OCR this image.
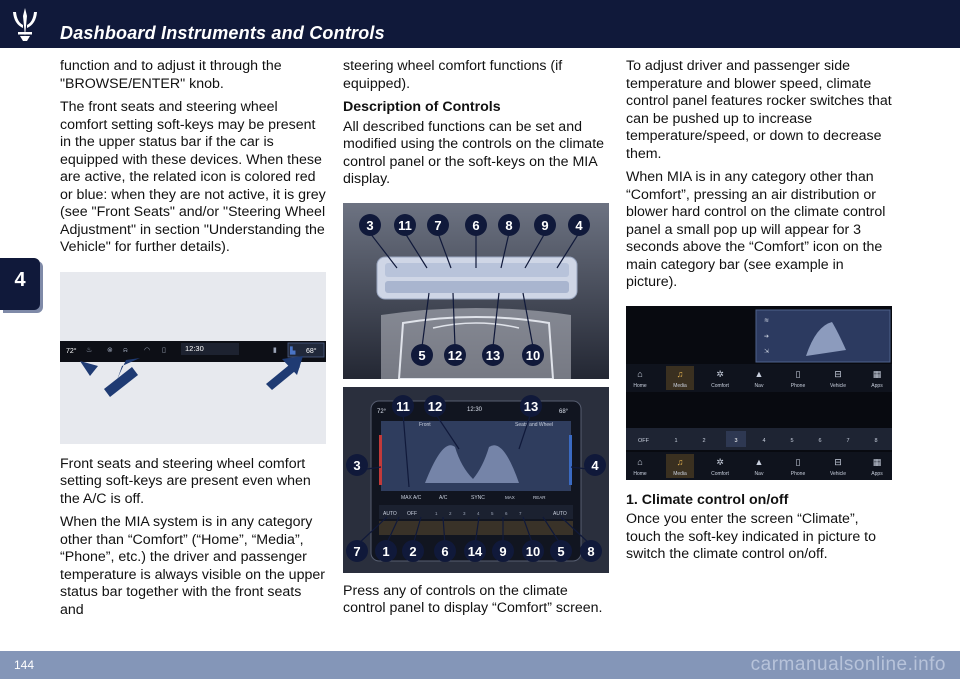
Dashboard Instruments and Controls
4

function and to adjust it through the "BROWSE/ENTER" knob.

The front seats and steering wheel comfort setting soft-keys may be present in the upper status bar if the car is equipped with these devices. When these are active, the related icon is colored red or blue: when they are not active, it is grey (see "Front Seats" and/or "Steering Wheel Adjustment" in section "Understanding the Vehicle" for further details).

♨ ⊗ ⍾ ◠ ▯	▮ ▙
72°	12:30	68°

Front seats and steering wheel comfort setting soft-keys are present even when the A/C is off.

When the MIA system is in any category other than “Comfort” (“Home”, “Media”, “Phone”, etc.) the driver and passenger temperature is always visible on the upper status bar together with the front seats and

steering wheel comfort functions (if equipped).

Description of Controls

All described functions can be set and modified using the controls on the climate control panel or the soft-keys on the MIA display.

3 11 7 6 8 9 4
5 12 13 10
72°	12:30	68°
Front	Seats and Wheel
MAX A/C	A/C	SYNC	MAX	REAR
AUTO OFF	AUTO
1	2	3	4	5	6	7
11 12	13
3	4
7 1 2 6 14 9 10 5 8

Press any of controls on the climate control panel to display “Comfort” screen.

To adjust driver and passenger side temperature and blower speed, climate control panel features rocker switches that can be pushed up to increase temperature/speed, or down to decrease them.

When MIA is in any category other than “Comfort”, pressing an air distribution or blower hard control on the climate control panel a small pop up will appear for 3 seconds above the “Comfort” icon on the main category bar (see example in picture).

≋
➔
⇲
⌂	♫	✲	▲	▯	⊟	▦
Home	Media	Comfort	Nav	Phone	Vehicle	Apps
OFF	1	2	3	4	5	6	7	8
⌂	♫	✲	▲	▯	⊟	▦
Home	Media	Comfort	Nav	Phone	Vehicle	Apps
1. Climate control on/off

Once you enter the screen “Climate”, touch the soft-key indicated in picture to switch the climate control on/off.

144	carmanualsonline.info
